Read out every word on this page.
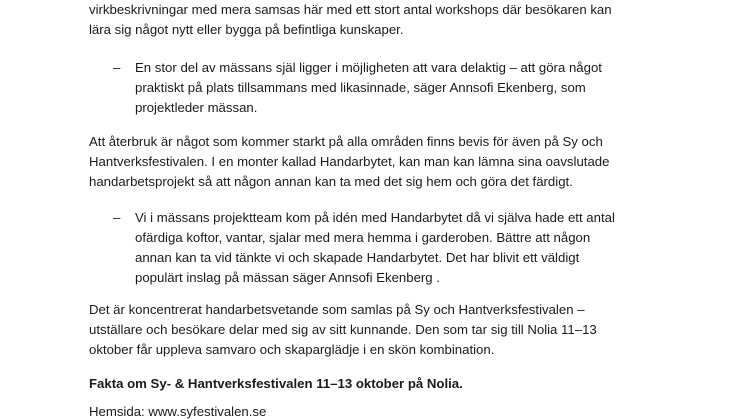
virkbeskrivningar med mera samsas här med ett stort antal workshops där besökaren kan
lära sig något nytt eller bygga på befintliga kunskaper.
– En stor del av mässans själ ligger i möjligheten att vara delaktig – att göra något
praktiskt på plats tillsammans med likasinnade, säger Annsofi Ekenberg, som
projektleder mässan.
Att återbruk är något som kommer starkt på alla områden finns bevis för även på Sy och
Hantverksfestivalen. I en monter kallad Handarbytet, kan man kan lämna sina oavslutade
handarbetsprojekt så att någon annan kan ta med det sig hem och göra det färdigt.
– Vi i mässans projektteam kom på idén med Handarbytet då vi själva hade ett antal
ofärdiga koftor, vantar, sjalar med mera hemma i garderoben. Bättre att någon
annan kan ta vid tänkte vi och skapade Handarbytet. Det har blivit ett väldigt
populärt inslag på mässan säger Annsofi Ekenberg .
Det är koncentrerat handarbetsvetande som samlas på Sy och Hantverksfestivalen –
utställare och besökare delar med sig av sitt kunnande. Den som tar sig till Nolia 11–13
oktober får uppleva samvaro och skaparglädje i en skön kombination.
Fakta om Sy- & Hantverksfestivalen 11–13 oktober på Nolia.
Hemsida: www.syfestivalen.se
